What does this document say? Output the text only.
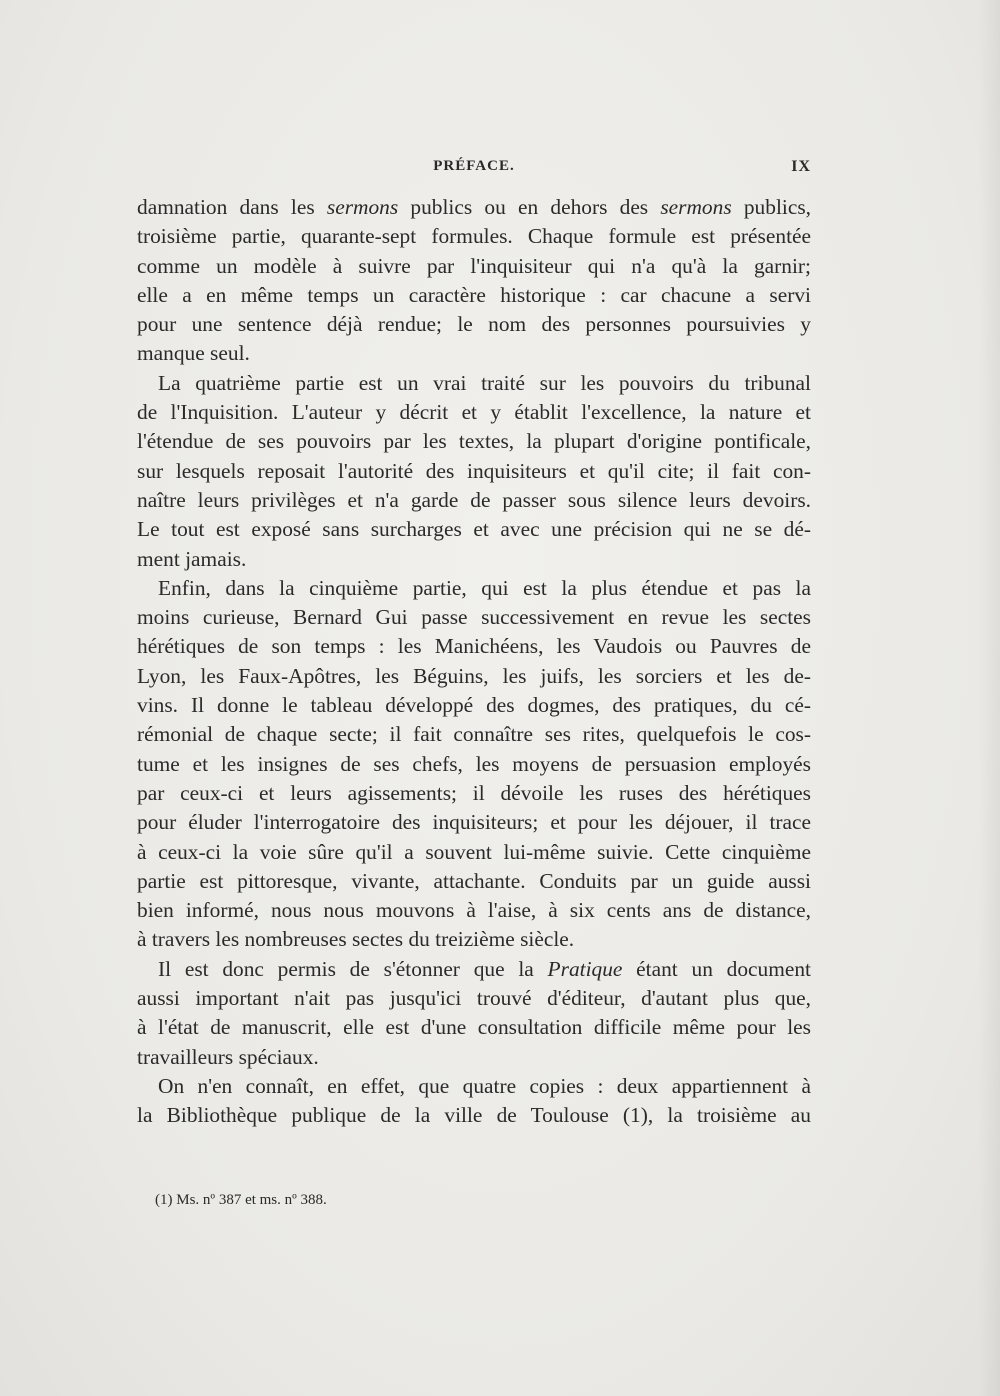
PRÉFACE.	IX
damnation dans les sermons publics ou en dehors des sermons publics,
troisième partie, quarante-sept formules. Chaque formule est présentée
comme un modèle à suivre par l'inquisiteur qui n'a qu'à la garnir;
elle a en même temps un caractère historique : car chacune a servi
pour une sentence déjà rendue; le nom des personnes poursuivies y
manque seul.
La quatrième partie est un vrai traité sur les pouvoirs du tribunal
de l'Inquisition. L'auteur y décrit et y établit l'excellence, la nature et
l'étendue de ses pouvoirs par les textes, la plupart d'origine pontificale,
sur lesquels reposait l'autorité des inquisiteurs et qu'il cite; il fait con-
naître leurs privilèges et n'a garde de passer sous silence leurs devoirs.
Le tout est exposé sans surcharges et avec une précision qui ne se dé-
ment jamais.
Enfin, dans la cinquième partie, qui est la plus étendue et pas la
moins curieuse, Bernard Gui passe successivement en revue les sectes
hérétiques de son temps : les Manichéens, les Vaudois ou Pauvres de
Lyon, les Faux-Apôtres, les Béguins, les juifs, les sorciers et les de-
vins. Il donne le tableau développé des dogmes, des pratiques, du cé-
rémonial de chaque secte; il fait connaître ses rites, quelquefois le cos-
tume et les insignes de ses chefs, les moyens de persuasion employés
par ceux-ci et leurs agissements; il dévoile les ruses des hérétiques
pour éluder l'interrogatoire des inquisiteurs; et pour les déjouer, il trace
à ceux-ci la voie sûre qu'il a souvent lui-même suivie. Cette cinquième
partie est pittoresque, vivante, attachante. Conduits par un guide aussi
bien informé, nous nous mouvons à l'aise, à six cents ans de distance,
à travers les nombreuses sectes du treizième siècle.
Il est donc permis de s'étonner que la Pratique étant un document
aussi important n'ait pas jusqu'ici trouvé d'éditeur, d'autant plus que,
à l'état de manuscrit, elle est d'une consultation difficile même pour les
travailleurs spéciaux.
On n'en connaît, en effet, que quatre copies : deux appartiennent à
la Bibliothèque publique de la ville de Toulouse (1), la troisième au
(1) Ms. nº 387 et ms. nº 388.
